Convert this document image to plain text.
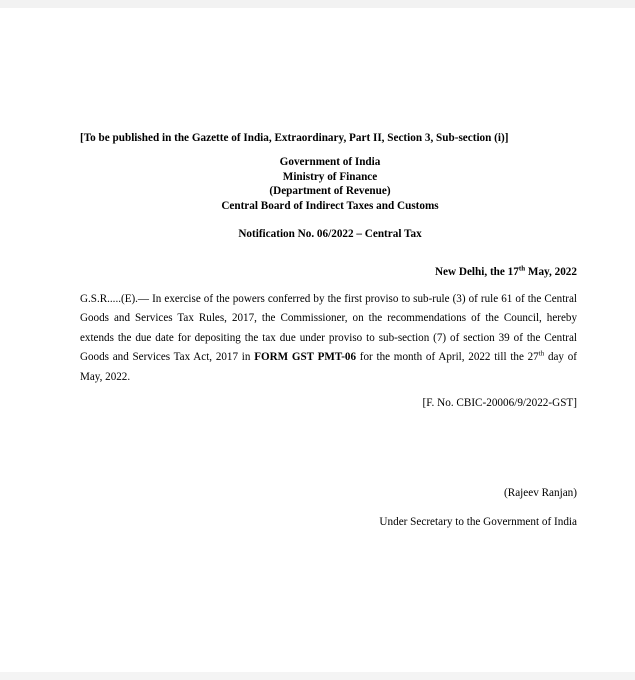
[To be published in the Gazette of India, Extraordinary, Part II, Section 3, Sub-section (i)]
Government of India
Ministry of Finance
(Department of Revenue)
Central Board of Indirect Taxes and Customs
Notification No. 06/2022 – Central Tax
New Delhi, the 17th May, 2022
G.S.R.....(E).— In exercise of the powers conferred by the first proviso to sub-rule (3) of rule 61 of the Central Goods and Services Tax Rules, 2017, the Commissioner, on the recommendations of the Council, hereby extends the due date for depositing the tax due under proviso to sub-section (7) of section 39 of the Central Goods and Services Tax Act, 2017 in FORM GST PMT-06 for the month of April, 2022 till the 27th day of May, 2022.
[F. No. CBIC-20006/9/2022-GST]
(Rajeev Ranjan)
Under Secretary to the Government of India
